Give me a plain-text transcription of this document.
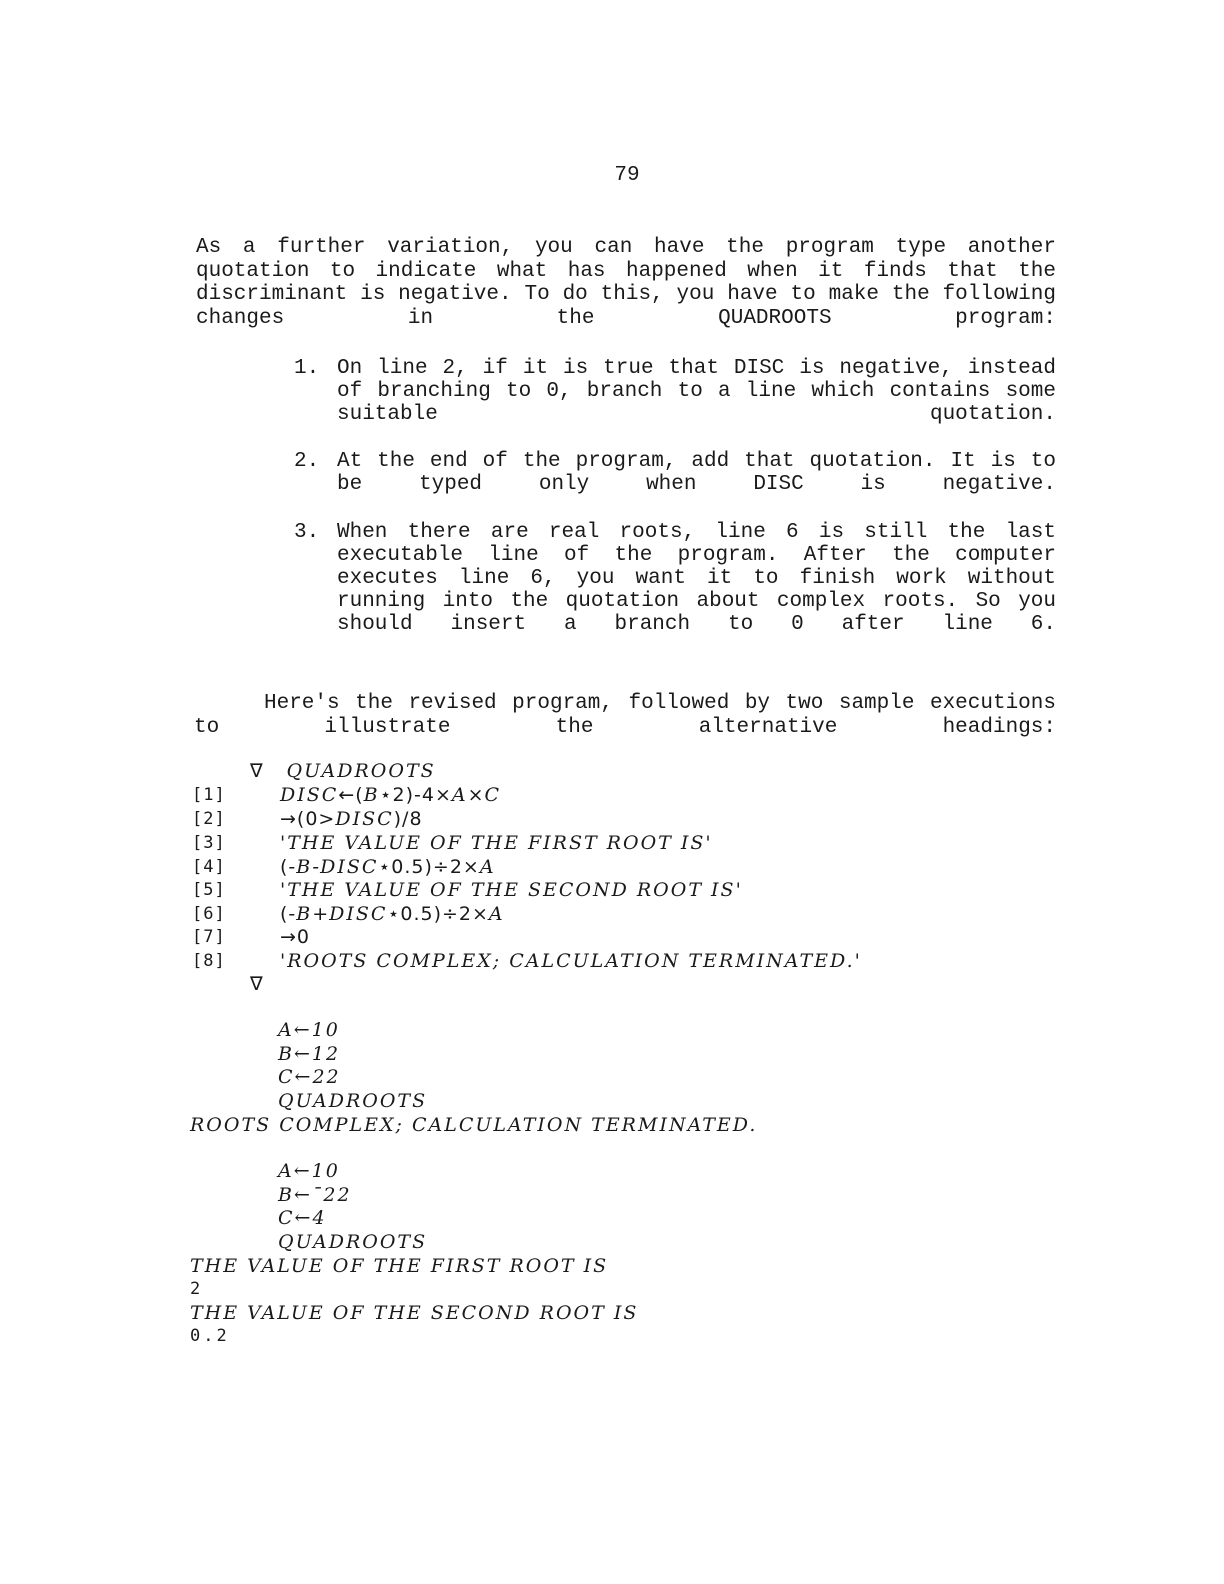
79
As a further variation, you can have the program type another quotation to indicate what has happened when it finds that the discriminant is negative. To do this, you have to make the following changes in the QUADROOTS program:
1. On line 2, if it is true that DISC is negative, instead of branching to 0, branch to a line which contains some suitable quotation.
2. At the end of the program, add that quotation. It is to be typed only when DISC is negative.
3. When there are real roots, line 6 is still the last executable line of the program. After the computer executes line 6, you want it to finish work without running into the quotation about complex roots. So you should insert a branch to 0 after line 6.
Here's the revised program, followed by two sample executions to illustrate the alternative headings:
∇ QUADROOTS
[1]	DISC←(B⋆2)-4×A×C
[2]	→(0>DISC)/8
[3]	'THE VALUE OF THE FIRST ROOT IS'
[4]	(-B-DISC⋆0.5)÷2×A
[5]	'THE VALUE OF THE SECOND ROOT IS'
[6]	(-B+DISC⋆0.5)÷2×A
[7]	→0
[8]	'ROOTS COMPLEX; CALCULATION TERMINATED.'
∇
A←10
B←12
C←22
QUADROOTS
ROOTS COMPLEX; CALCULATION TERMINATED.
A←10
B←¯22
C←4
QUADROOTS
THE VALUE OF THE FIRST ROOT IS
2
THE VALUE OF THE SECOND ROOT IS
0.2
